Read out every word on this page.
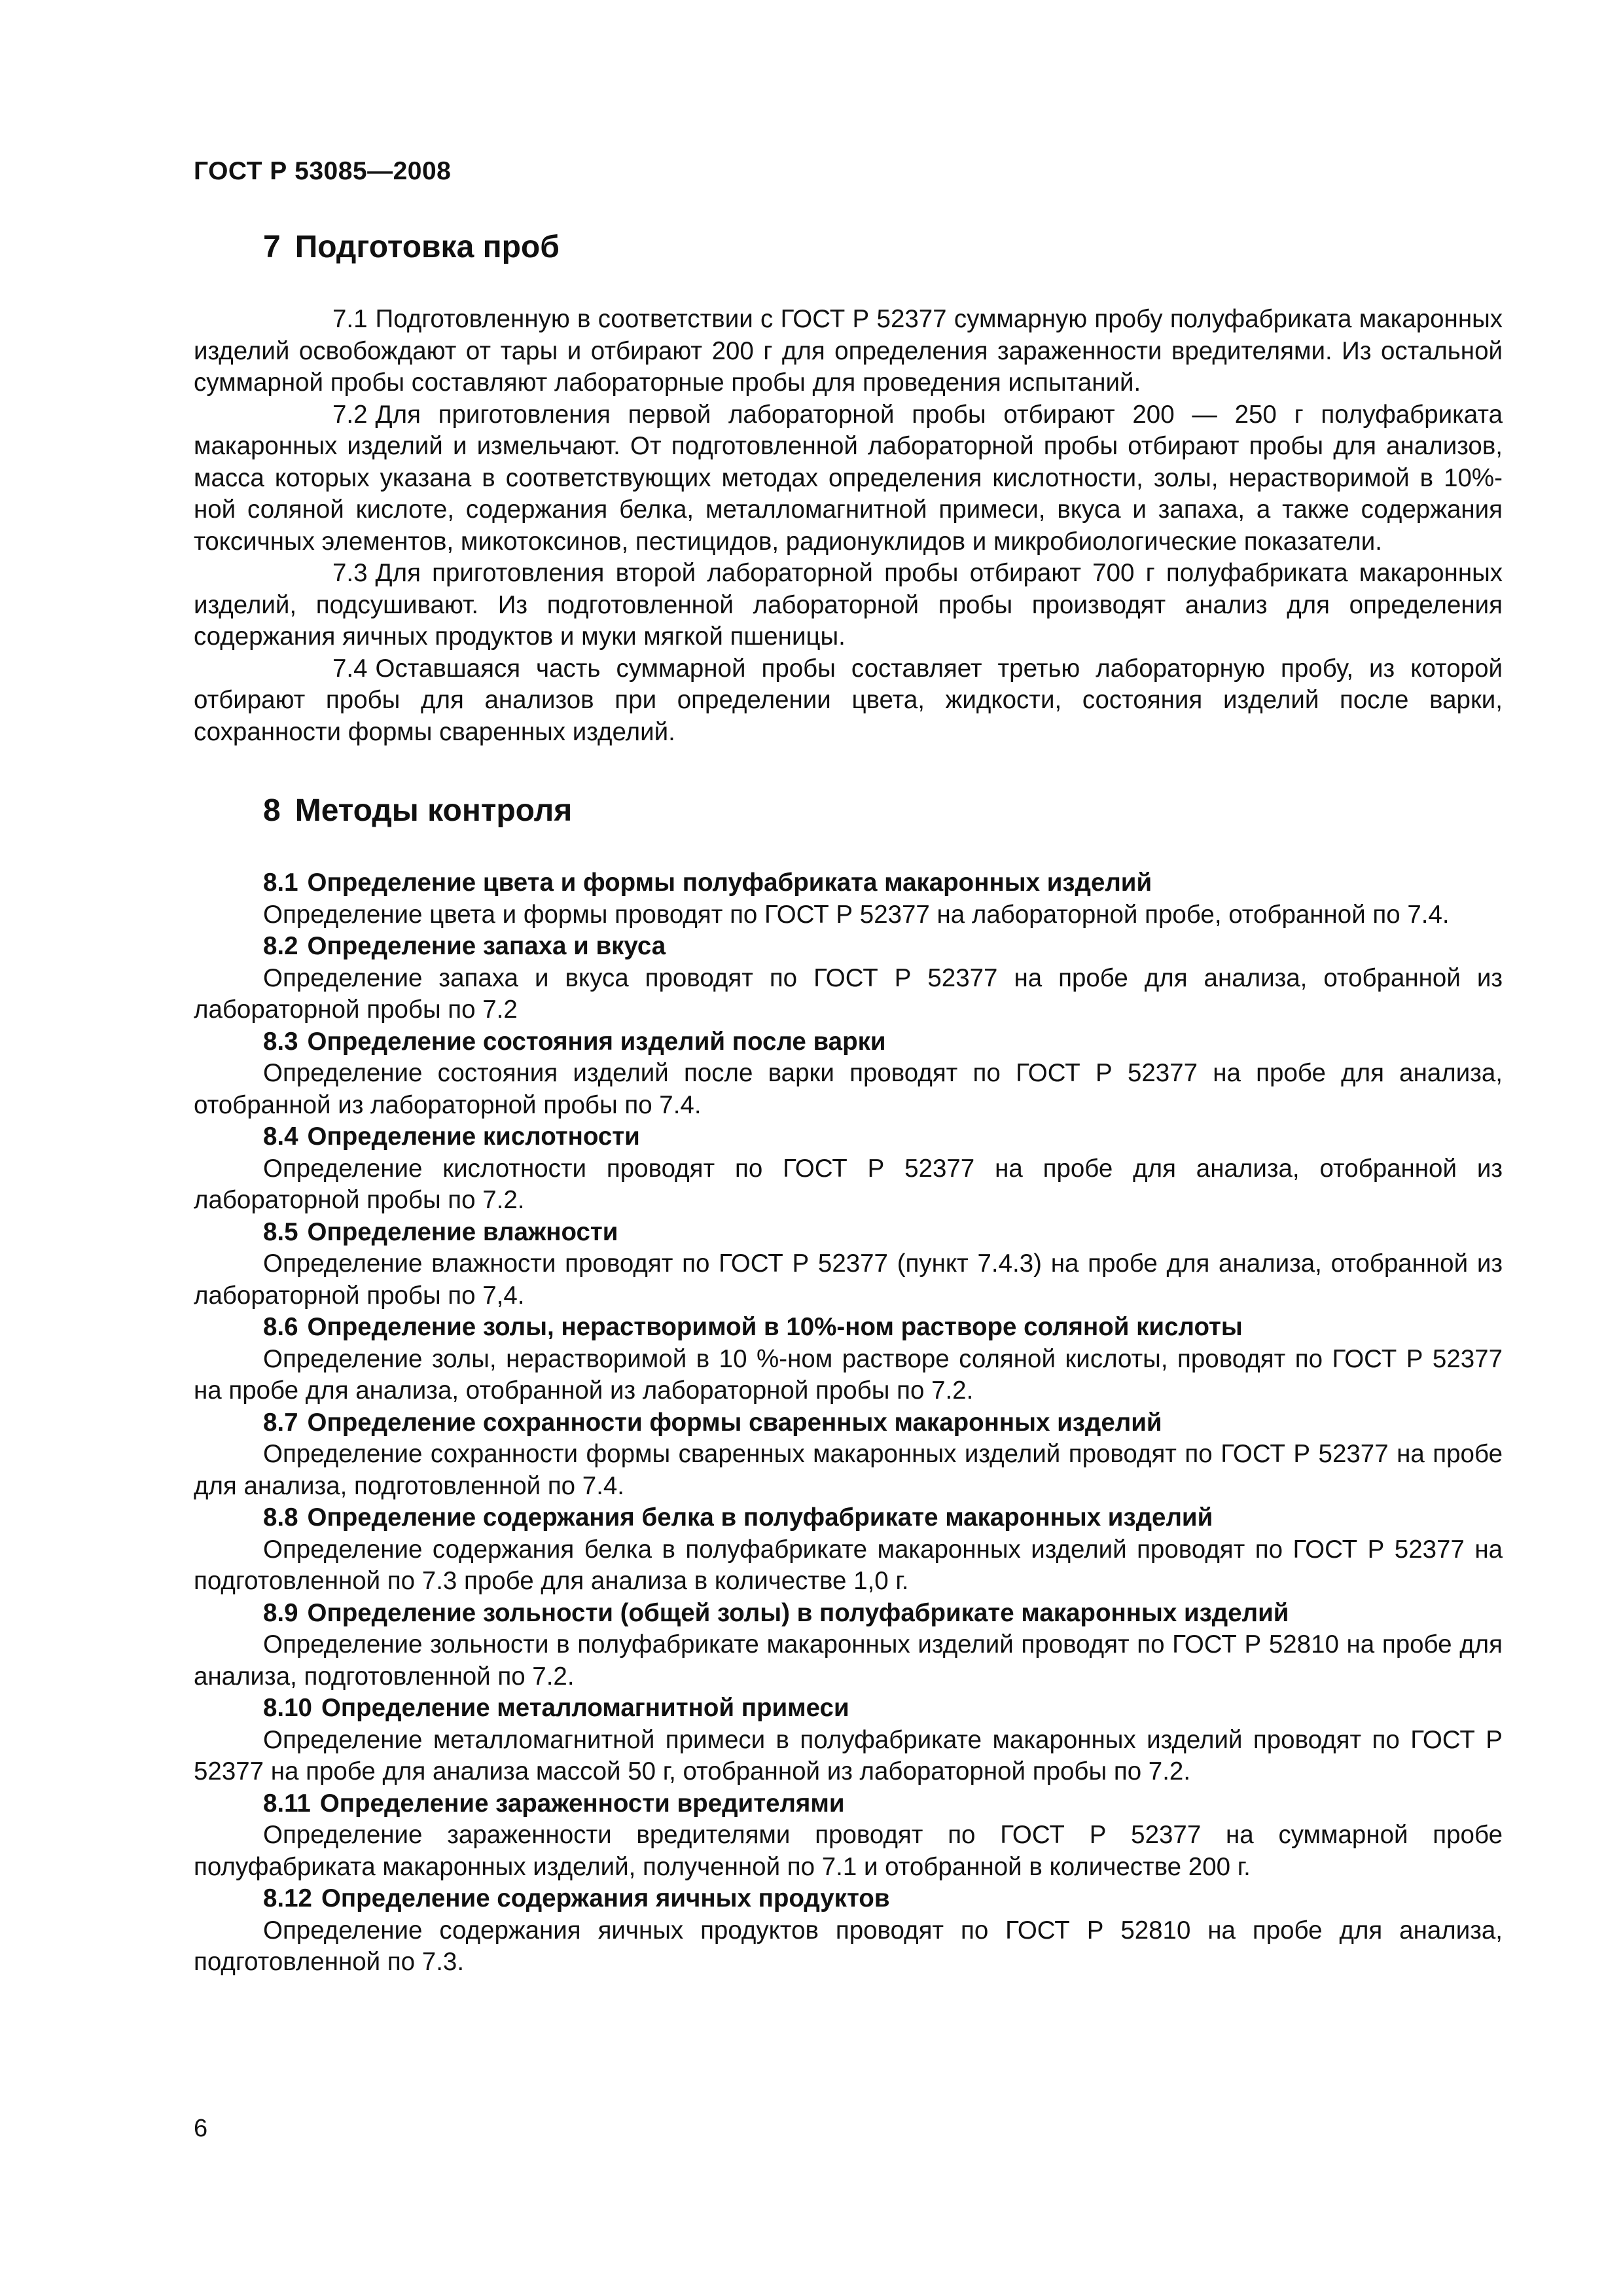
ГОСТ Р 53085—2008
7 Подготовка проб

7.1 Подготовленную в соответствии с ГОСТ Р 52377 суммарную пробу полуфабриката макаронных изделий освобождают от тары и отбирают 200 г для определения зараженности вредителями. Из остальной суммарной пробы составляют лабораторные пробы для проведения испытаний.

7.2 Для приготовления первой лабораторной пробы отбирают 200 — 250 г полуфабриката макаронных изделий и измельчают. От подготовленной лабораторной пробы отбирают пробы для анализов, масса которых указана в соответствующих методах определения кислотности, золы, нерастворимой в 10%-ной соляной кислоте, содержания белка, металломагнитной примеси, вкуса и запаха, а также содержания токсичных элементов, микотоксинов, пестицидов, радионуклидов и микробиологические показатели.

7.3 Для приготовления второй лабораторной пробы отбирают 700 г полуфабриката макаронных изделий, подсушивают. Из подготовленной лабораторной пробы производят анализ для определения содержания яичных продуктов и муки мягкой пшеницы.

7.4 Оставшаяся часть суммарной пробы составляет третью лабораторную пробу, из которой отбирают пробы для анализов при определении цвета, жидкости, состояния изделий после варки, сохранности формы сваренных изделий.

8 Методы контроля
8.1 Определение цвета и формы полуфабриката макаронных изделий

Определение цвета и формы проводят по ГОСТ Р 52377 на лабораторной пробе, отобранной по 7.4.

8.2 Определение запаха и вкуса

Определение запаха и вкуса проводят по ГОСТ Р 52377 на пробе для анализа, отобранной из лабораторной пробы по 7.2

8.3 Определение состояния изделий после варки

Определение состояния изделий после варки проводят по ГОСТ Р 52377 на пробе для анализа, отобранной из лабораторной пробы по 7.4.

8.4 Определение кислотности

Определение кислотности проводят по ГОСТ Р 52377 на пробе для анализа, отобранной из лабораторной пробы по 7.2.

8.5 Определение влажности

Определение влажности проводят по ГОСТ Р 52377 (пункт 7.4.3) на пробе для анализа, отобранной из лабораторной пробы по 7,4.

8.6 Определение золы, нерастворимой в 10%-ном растворе соляной кислоты

Определение золы, нерастворимой в 10 %-ном растворе соляной кислоты, проводят по ГОСТ Р 52377 на пробе для анализа, отобранной из лабораторной пробы по 7.2.

8.7 Определение сохранности формы сваренных макаронных изделий

Определение сохранности формы сваренных макаронных изделий проводят по ГОСТ Р 52377 на пробе для анализа, подготовленной по 7.4.

8.8 Определение содержания белка в полуфабрикате макаронных изделий

Определение содержания белка в полуфабрикате макаронных изделий проводят по ГОСТ Р 52377 на подготовленной по 7.3 пробе для анализа в количестве 1,0 г.

8.9 Определение зольности (общей золы) в полуфабрикате макаронных изделий

Определение зольности в полуфабрикате макаронных изделий проводят по ГОСТ Р 52810 на пробе для анализа, подготовленной по 7.2.

8.10 Определение металломагнитной примеси

Определение металломагнитной примеси в полуфабрикате макаронных изделий проводят по ГОСТ Р 52377 на пробе для анализа массой 50 г, отобранной из лабораторной пробы по 7.2.

8.11 Определение зараженности вредителями

Определение зараженности вредителями проводят по ГОСТ Р 52377 на суммарной пробе полуфабриката макаронных изделий, полученной по 7.1 и отобранной в количестве 200 г.

8.12 Определение содержания яичных продуктов

Определение содержания яичных продуктов проводят по ГОСТ Р 52810 на пробе для анализа, подготовленной по 7.3.

6
